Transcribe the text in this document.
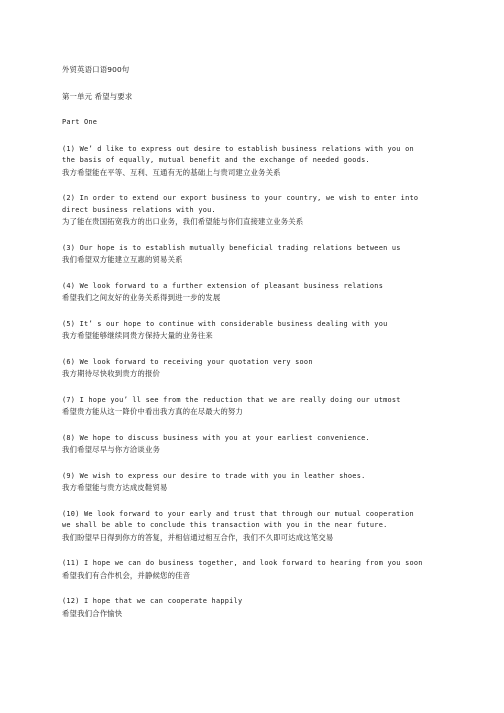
外贸英语口语900句
第一单元 希望与要求
Part One
(1) We’ d like to express out desire to establish business relations with you on
the basis of equally, mutual benefit and the exchange of needed goods.
我方希望能在平等、互利、互通有无的基础上与贵司建立业务关系
(2) In order to extend our export business to your country, we wish to enter into
direct business relations with you.
为了能在贵国拓宽我方的出口业务，我们希望能与你们直接建立业务关系
(3) Our hope is to establish mutually beneficial trading relations between us
我们希望双方能建立互惠的贸易关系
(4) We look forward to a further extension of pleasant business relations
希望我们之间友好的业务关系得到进一步的发展
(5) It’ s our hope to continue with considerable business dealing with you
我方希望能够继续同贵方保持大量的业务往来
(6) We look forward to receiving your quotation very soon
我方期待尽快收到贵方的报价
(7) I hope you’ ll see from the reduction that we are really doing our utmost
希望贵方能从这一降价中看出我方真的在尽最大的努力
(8) We hope to discuss business with you at your earliest convenience.
我们希望尽早与你方洽谈业务
(9) We wish to express our desire to trade with you in leather shoes.
我方希望能与贵方达成皮鞋贸易
(10) We look forward to your early and trust that through our mutual cooperation
we shall be able to conclude this transaction with you in the near future.
我们盼望早日得到你方的答复，并相信通过相互合作，我们不久即可达成这笔交易
(11) I hope we can do business together, and look forward to hearing from you soon
希望我们有合作机会，并静候您的佳音
(12) I hope that we can cooperate happily
希望我们合作愉快
